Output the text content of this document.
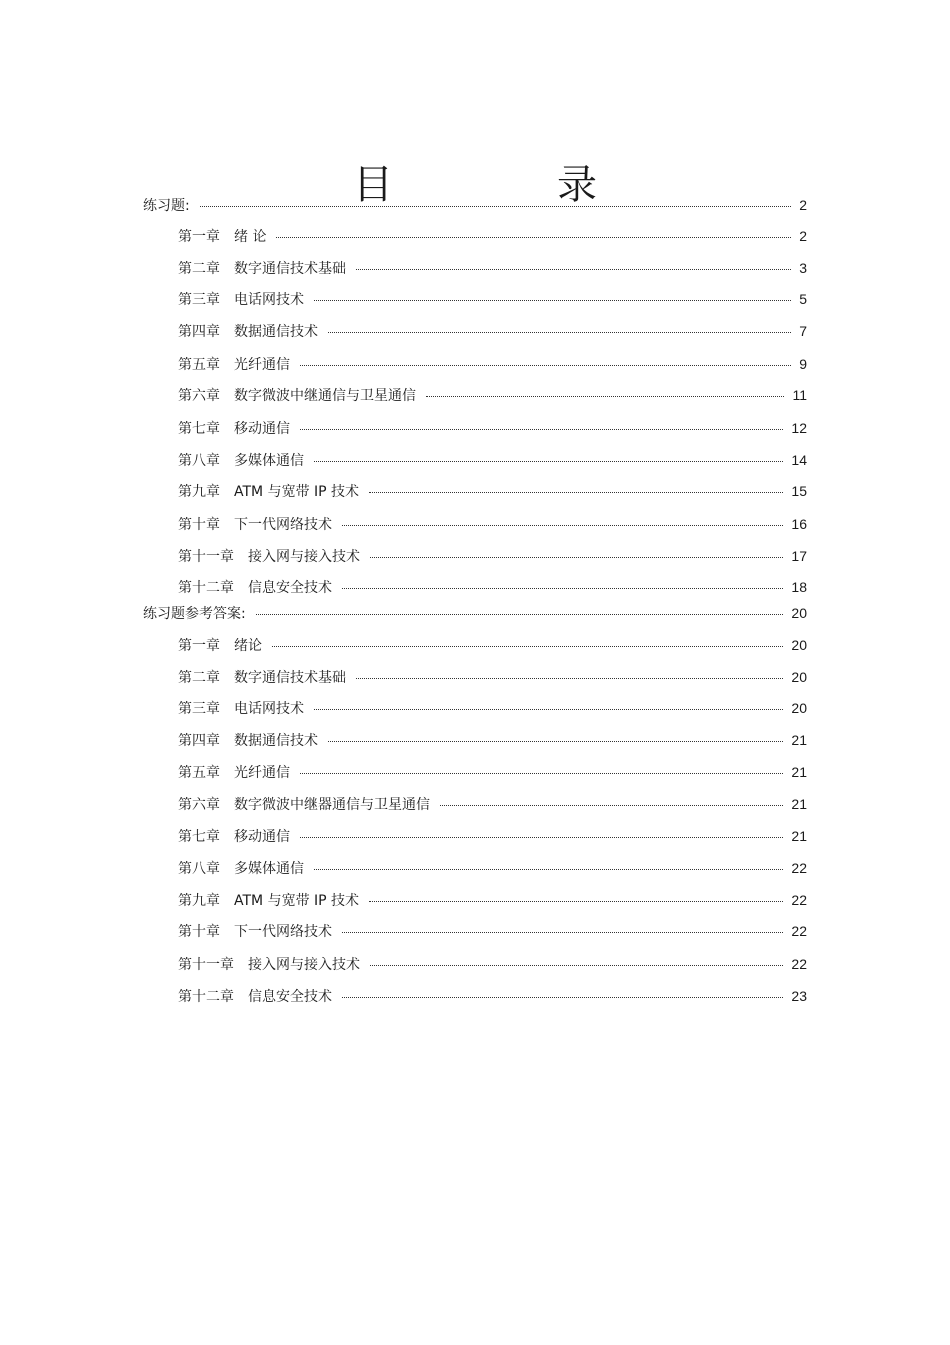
目　录
练习题:	2
第一章 绪 论	2
第二章 数字通信技术基础	3
第三章 电话网技术	5
第四章 数据通信技术	7
第五章 光纤通信	9
第六章 数字微波中继通信与卫星通信	11
第七章 移动通信	12
第八章 多媒体通信	14
第九章 ATM 与宽带 IP 技术	15
第十章 下一代网络技术	16
第十一章 接入网与接入技术	17
第十二章 信息安全技术	18
练习题参考答案:	20
第一章 绪论	20
第二章 数字通信技术基础	20
第三章 电话网技术	20
第四章 数据通信技术	21
第五章 光纤通信	21
第六章 数字微波中继器通信与卫星通信	21
第七章 移动通信	21
第八章 多媒体通信	22
第九章 ATM 与宽带 IP 技术	22
第十章 下一代网络技术	22
第十一章 接入网与接入技术	22
第十二章 信息安全技术	23
